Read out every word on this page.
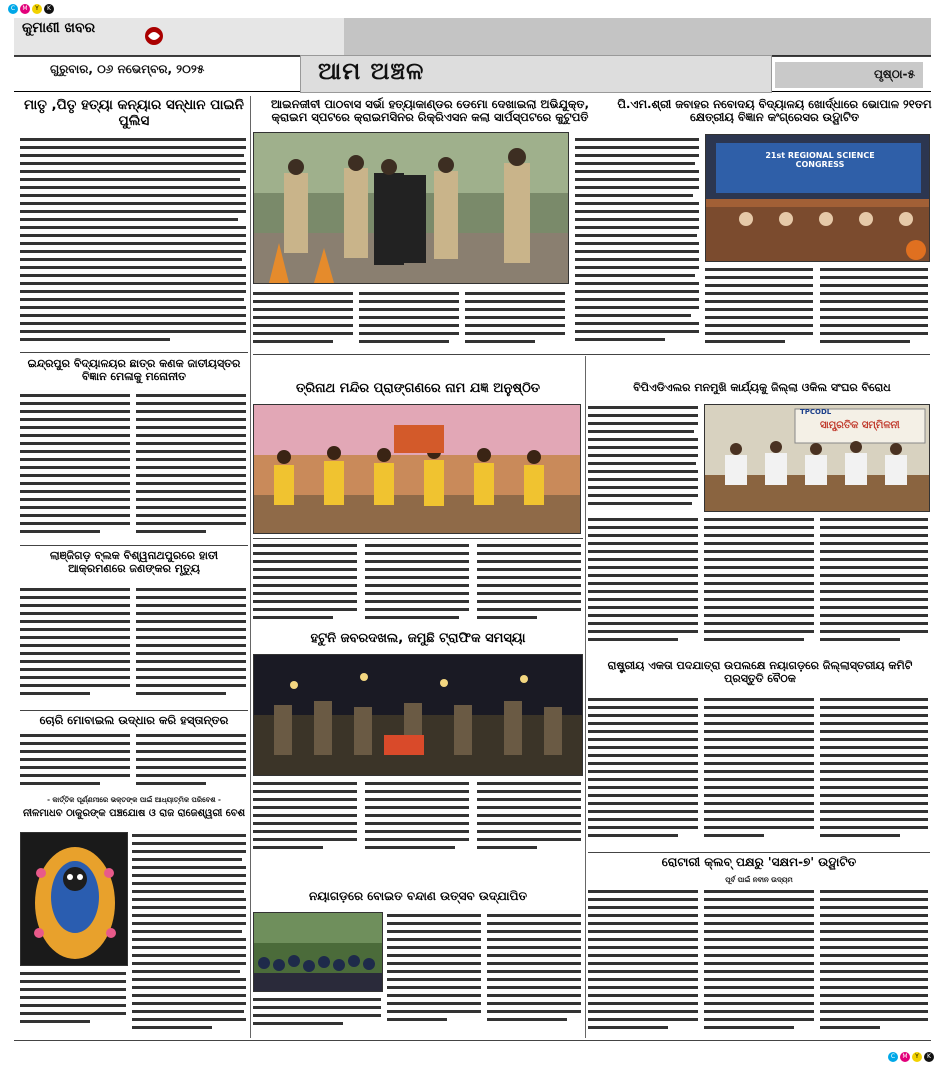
C	M	Y	K
C	M	Y	K
କୁମାଣୀ ଖବର
ଗୁରୁବାର, ୦୬ ନଭେମ୍ବର, ୨୦୨୫	ଆମ ଅଞ୍ଚଳ	ପୃଷ୍ଠା-୫
ମାତୃ ,ପିତୃ ହତ୍ୟା କନ୍ୟାର ସନ୍ଧାନ ପାଇନି ପୁଲିସ
ଆଇନଜୀବୀ ପାଠବାସ ସର୍ଭା ହତ୍ୟାକାଣ୍ଡର ଡେମୋ ଦେଖାଇଲା ଅଭିଯୁକ୍ତ, କ୍ରାଇମ ସ୍ପଟରେ କ୍ରାଇମସିନର ରିକ୍ରିଏସନ କଲା ସାର୍ପସ୍ପଟରେ କୁଟୁପତି
ପି.ଏମ.ଶ୍ରୀ ଜବାହର ନବୋଦୟ ବିଦ୍ୟାଳୟ ଖୋର୍ଦ୍ଧାରେ ଭୋପାଳ ୨୧ତମ କ୍ଷେତ୍ରୀୟ ବିଜ୍ଞାନ କଂଗ୍ରେସର ଉଦ୍ଘାଟିତ
21st REGIONAL SCIENCE CONGRESS
ଇନ୍ଦ୍ରପୁର ବିଦ୍ୟାଳୟର ଛାତ୍ର କଣକ ଜାତୀୟସ୍ତର ବିଜ୍ଞାନ ମେଳାକୁ ମନୋନୀତ
ତ୍ରିନାଥ ମନ୍ଦିର ପ୍ରାଙ୍ଗଣରେ ନାମ ଯଜ୍ଞ ଅନୁଷ୍ଠିତ	ବିପିଏଡିଏଲର ମନମୁଖି କାର୍ଯ୍ୟକୁ ଜିଲ୍ଲା ଓକିଲ ସଂଘର ବିରୋଧ
TPCODL
ସାମ୍ପ୍ରତିକ ସମ୍ମିଳନୀ
ଲାଞ୍ଜିଗଡ଼ ବ୍ଲକ ବିଶ୍ୱନାଥପୁରରେ ହାତୀ ଆକ୍ରମଣରେ ଜଣଙ୍କର ମୃତ୍ୟୁ
ହଟୁନି ଜବରଦଖଲ, ଜମୁଛି ଟ୍ରାଫିକ ସମସ୍ୟା
ରାଷ୍ଟ୍ରୀୟ ଏକତା ପଦଯାତ୍ରା ଉପଲକ୍ଷେ ନୟାଗଡ଼ରେ ଜିଲ୍ଲାସ୍ତରୀୟ କମିଟି ପ୍ରସ୍ତୁତି ବୈଠକ
ଚୋରି ମୋବାଇଲ ଉଦ୍ଧାର କରି ହସ୍ତାନ୍ତର
- କାର୍ତ୍ତିକ ପୂର୍ଣ୍ଣମୀରେ ଭକ୍ତଙ୍କ ପାଇଁ ଆଧ୍ୟାତ୍ମିକ ପରିବେଶ -
ନୀଳମାଧବ ଠାକୁରଙ୍କ ପଞ୍ଚଯୋଷ ଓ ରାଜ ରାଜେଶ୍ୱରୀ ବେଶ
ନୟାଗଡ଼ରେ ବୋଇତ ବନ୍ଦାଣ ଉତ୍ସବ ଉଦ୍ଯାପିତ
ରୋଟାରୀ କ୍ଲବ୍ ପକ୍ଷରୁ 'ସକ୍ଷମ-୭' ଉଦ୍ଘାଟିତ
ପୂର୍ବ ପାଇଁ ନବୀନ ଉଦ୍ୟମ
